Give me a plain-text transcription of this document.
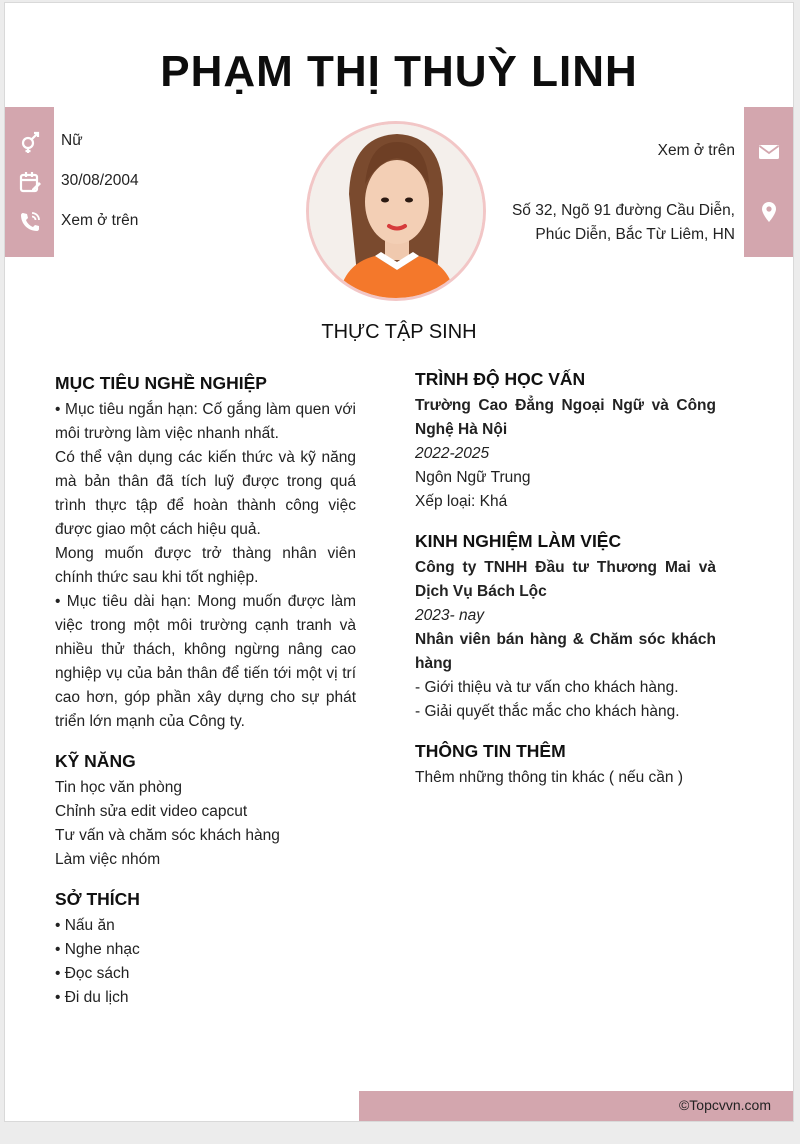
PHẠM THỊ THUỲ LINH
Nữ
30/08/2004
Xem ở trên
Xem ở trên
Số 32, Ngõ 91 đường Cầu Diễn,
Phúc Diễn, Bắc Từ Liêm, HN
THỰC TẬP SINH
MỤC TIÊU NGHỀ NGHIỆP

• Mục tiêu ngắn hạn: Cố gắng làm quen với môi trường làm việc nhanh nhất.

Có thể vận dụng các kiến thức và kỹ năng mà bản thân đã tích luỹ được trong quá trình thực tập để hoàn thành công việc được giao một cách hiệu quả.

Mong muốn được trở thàng nhân viên chính thức sau khi tốt nghiệp.

• Mục tiêu dài hạn: Mong muốn được làm việc trong một môi trường cạnh tranh và nhiều thử thách, không ngừng nâng cao nghiệp vụ của bản thân để tiến tới một vị trí cao hơn, góp phần xây dựng cho sự phát triển lớn mạnh của Công ty.

KỸ NĂNG

Tin học văn phòng

Chỉnh sửa edit video capcut

Tư vấn và chăm sóc khách hàng

Làm việc nhóm

SỞ THÍCH

• Nấu ăn

• Nghe nhạc

• Đọc sách

• Đi du lịch

TRÌNH ĐỘ HỌC VẤN

Trường Cao Đẳng Ngoại Ngữ và Công Nghệ Hà Nội

2022-2025

Ngôn Ngữ Trung

Xếp loại: Khá

KINH NGHIỆM LÀM VIỆC

Công ty TNHH Đầu tư Thương Mai và Dịch Vụ Bách Lộc

2023- nay

Nhân viên bán hàng & Chăm sóc khách hàng

- Giới thiệu và tư vấn cho khách hàng.

- Giải quyết thắc mắc cho khách hàng.

THÔNG TIN THÊM

Thêm những thông tin khác ( nếu cần )

©Topcvvn.com
